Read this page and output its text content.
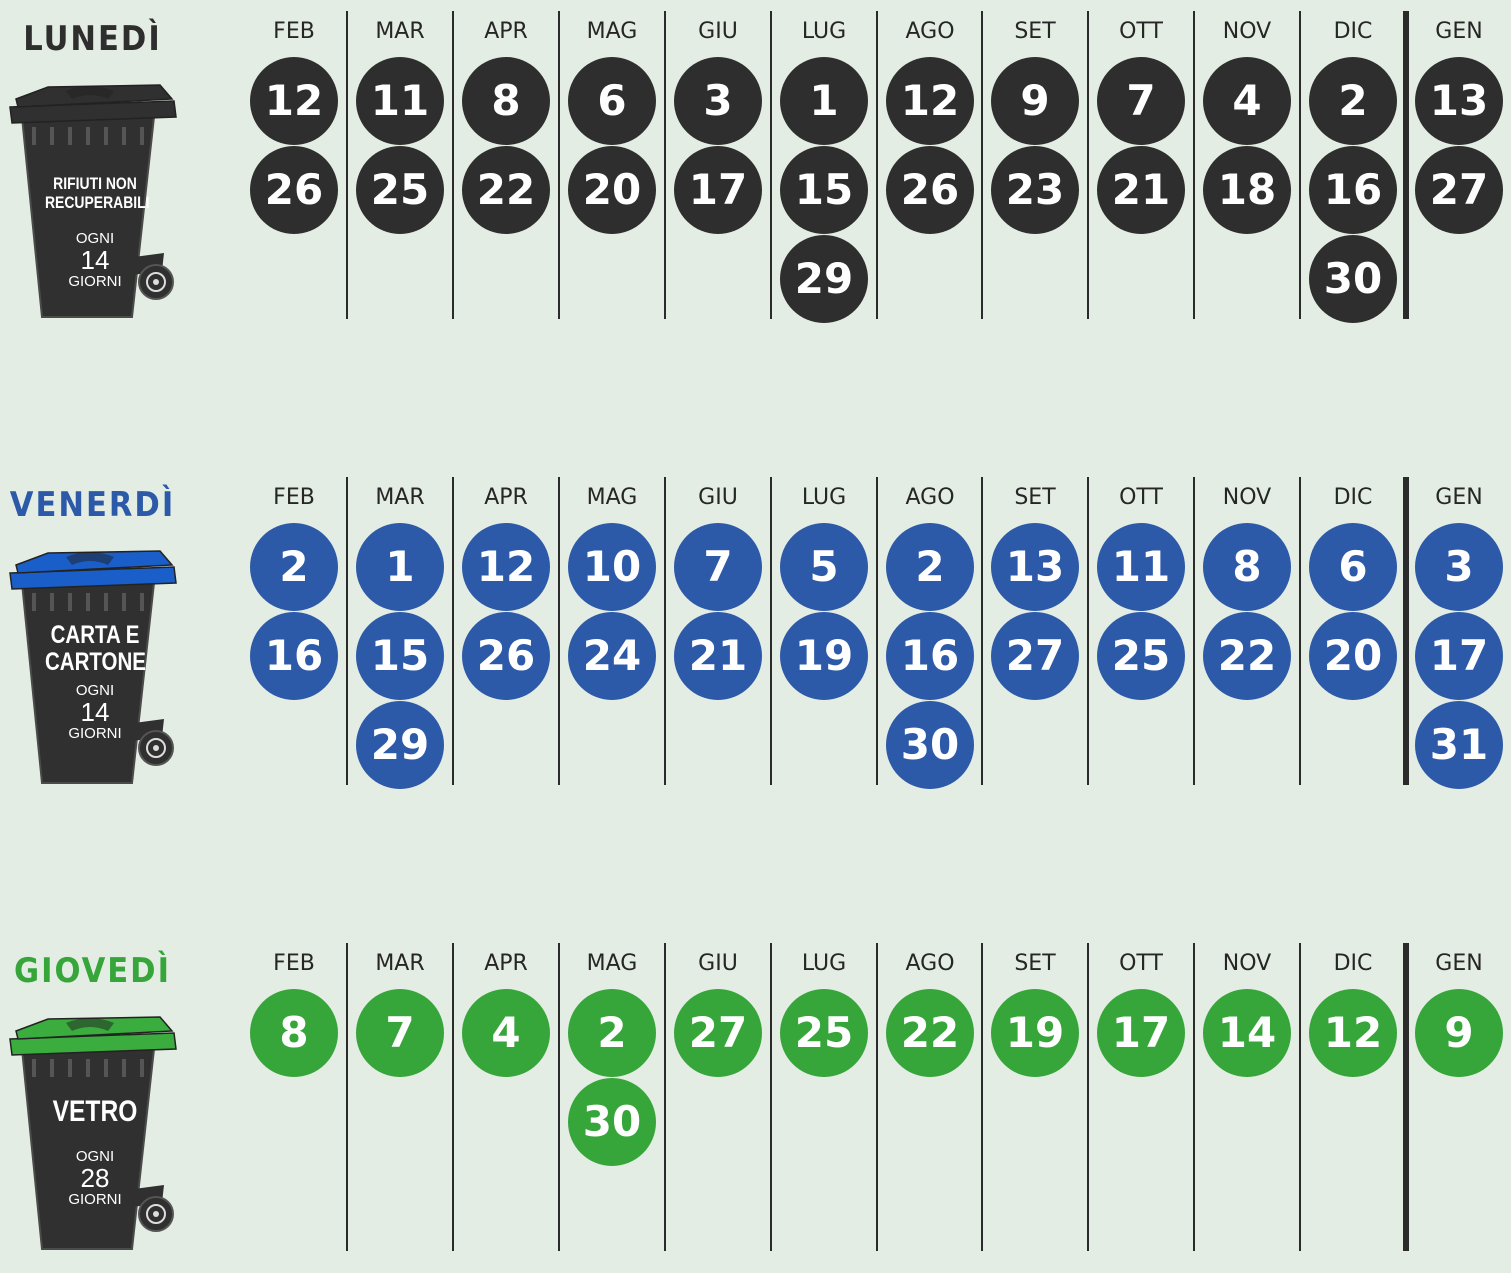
LUNEDÌ
RIFIUTI NON
RECUPERABILI
OGNI
14
GIORNI
FEB
12
26
MAR
11
25
APR
8
22
MAG
6
20
GIU
3
17
LUG
1
15
29
AGO
12
26
SET
9
23
OTT
7
21
NOV
4
18
DIC
2
16
30
GEN
13
27
VENERDÌ
CARTA E
CARTONE
OGNI
14
GIORNI
FEB
2
16
MAR
1
15
29
APR
12
26
MAG
10
24
GIU
7
21
LUG
5
19
AGO
2
16
30
SET
13
27
OTT
11
25
NOV
8
22
DIC
6
20
GEN
3
17
31
GIOVEDÌ
VETRO
OGNI
28
GIORNI
FEB
8
MAR
7
APR
4
MAG
2
30
GIU
27
LUG
25
AGO
22
SET
19
OTT
17
NOV
14
DIC
12
GEN
9
